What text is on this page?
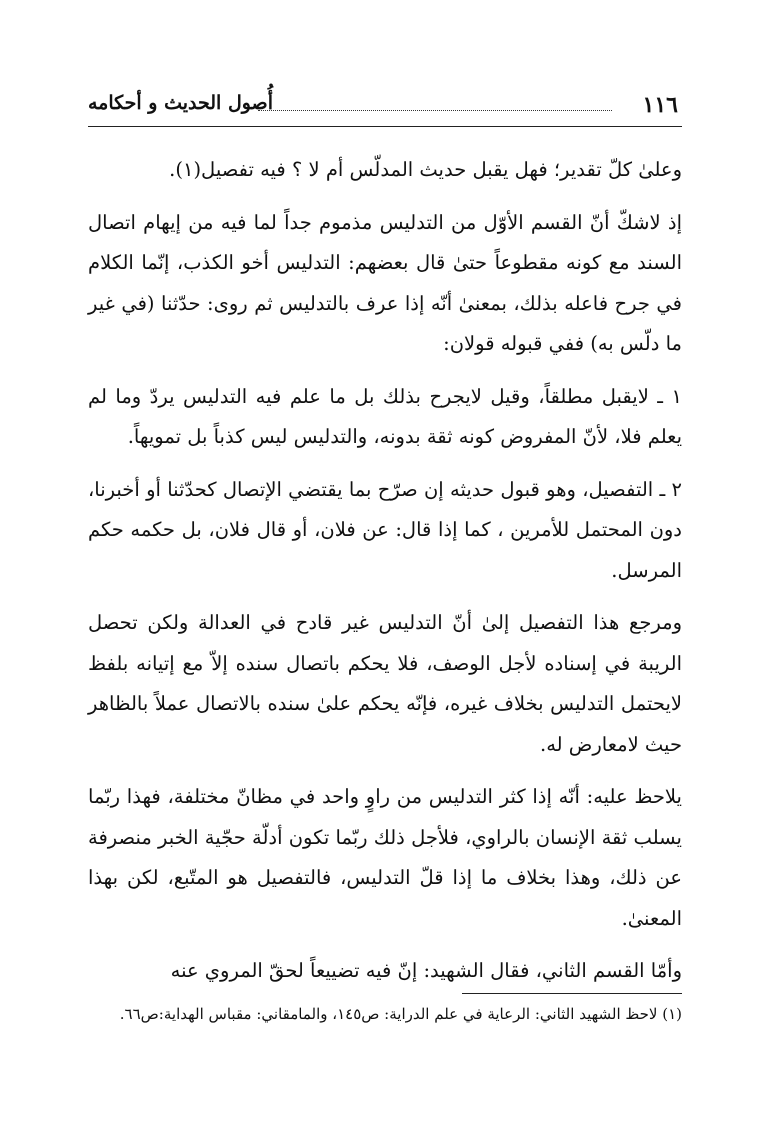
١١٦
أُصول الحديث و أحكامه

وعلىٰ كلّ تقدير؛ فهل يقبل حديث المدلّس أم لا ؟ فيه تفصيل(١).

إذ لاشكّ أنّ القسم الأوّل من التدليس مذموم جداً لما فيه من إيهام اتصال السند مع كونه مقطوعاً حتىٰ قال بعضهم: التدليس أخو الكذب، إنّما الكلام في جرح فاعله بذلك، بمعنىٰ أنّه إذا عرف بالتدليس ثم روى: حدّثنا (في غير ما دلّس به) ففي قبوله قولان:

١ ـ لايقبل مطلقاً، وقيل لايجرح بذلك بل ما علم فيه التدليس يردّ وما لم يعلم فلا، لأنّ المفروض كونه ثقة بدونه، والتدليس ليس كذباً بل تمويهاً.

٢ ـ التفصيل، وهو قبول حديثه إن صرّح بما يقتضي الإتصال كحدّثنا أو أخبرنا، دون المحتمل للأمرين ، كما إذا قال: عن فلان، أو قال فلان، بل حكمه حكم المرسل.

ومرجع هذا التفصيل إلىٰ أنّ التدليس غير قادح في العدالة ولكن تحصل الريبة في إسناده لأجل الوصف، فلا يحكم باتصال سنده إلاّ مع إتيانه بلفظ لايحتمل التدليس بخلاف غيره، فإنّه يحكم علىٰ سنده بالاتصال عملاً بالظاهر حيث لامعارض له.

يلاحظ عليه: أنّه إذا كثر التدليس من راوٍ واحد في مظانّ مختلفة، فهذا ربّما يسلب ثقة الإنسان بالراوي، فلأجل ذلك ربّما تكون أدلّة حجّية الخبر منصرفة عن ذلك، وهذا بخلاف ما إذا قلّ التدليس، فالتفصيل هو المتّبع، لكن بهذا المعنىٰ.

وأمّا القسم الثاني، فقال الشهيد: إنّ فيه تضييعاً لحقّ المروي عنه

(١) لاحظ الشهيد الثاني: الرعاية في علم الدراية: ص١٤٥، والمامقاني: مقباس الهداية:ص٦٦.
